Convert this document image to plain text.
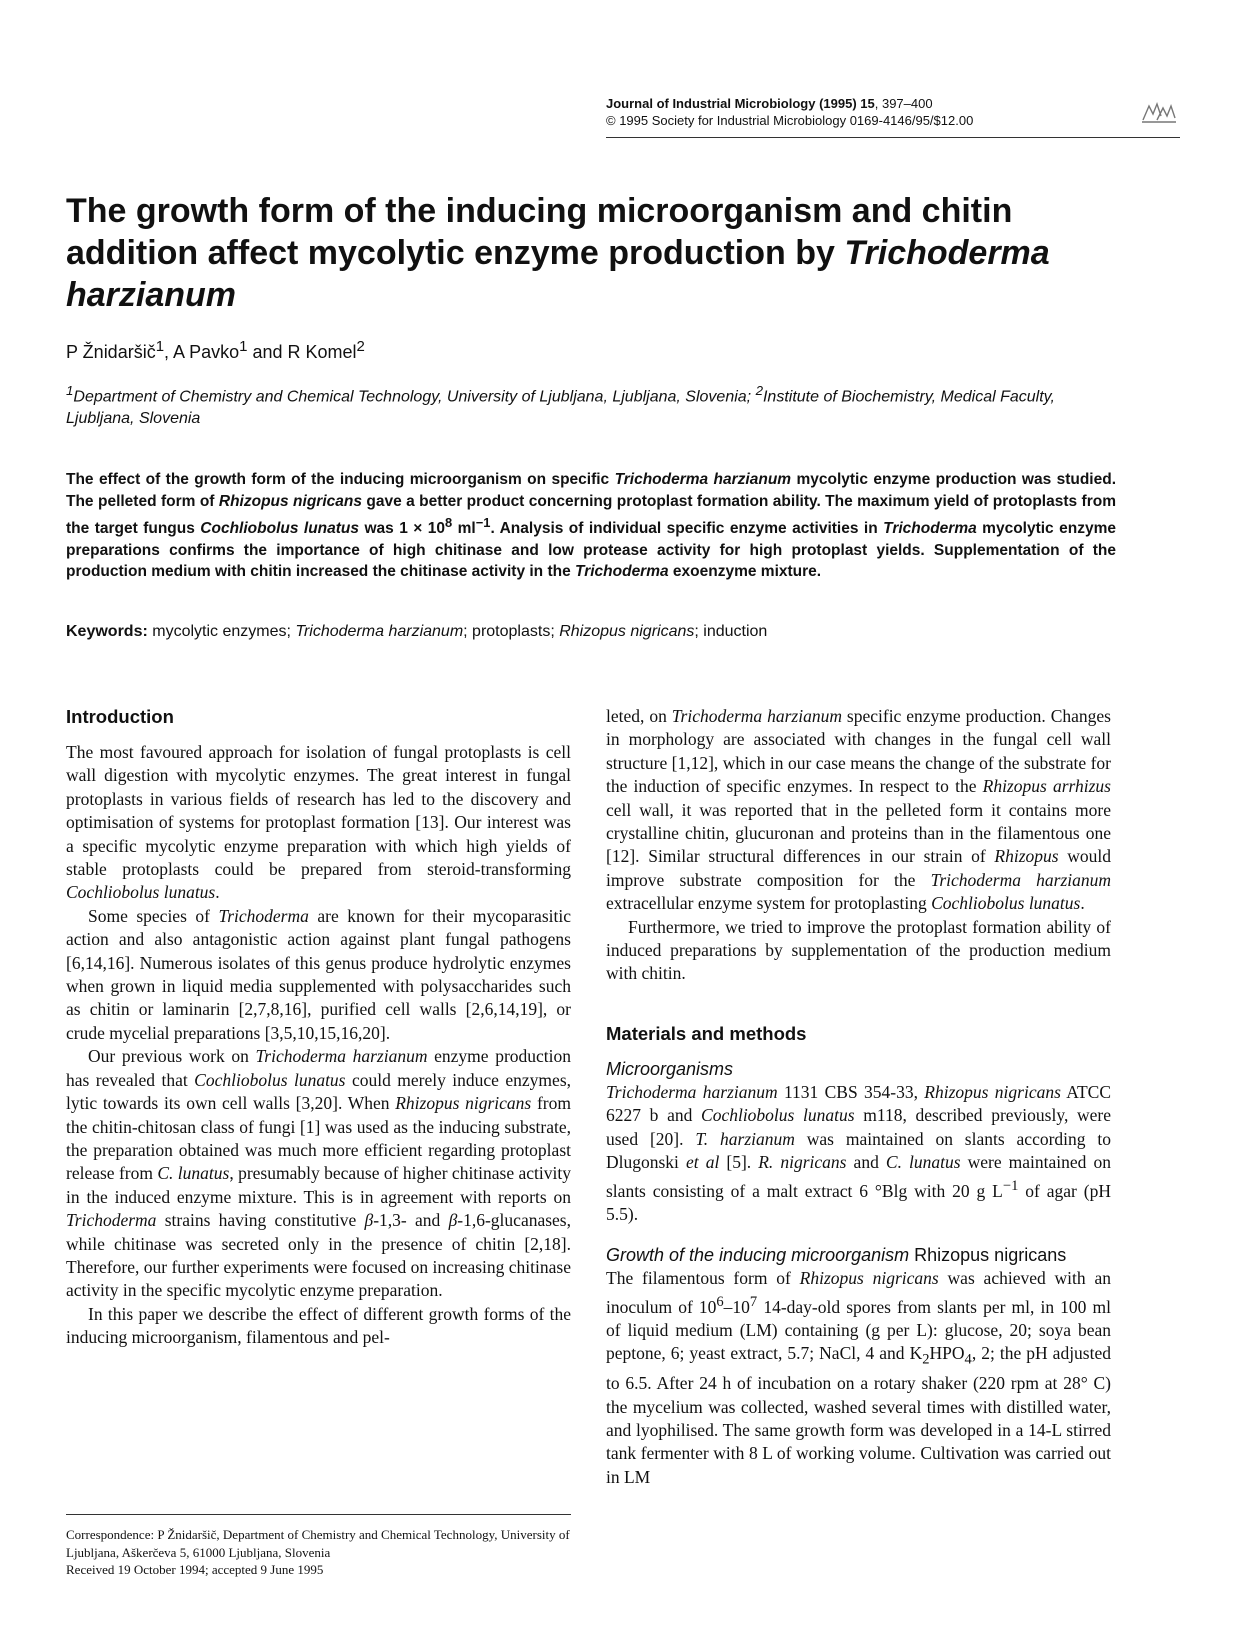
Journal of Industrial Microbiology (1995) 15, 397–400
© 1995 Society for Industrial Microbiology 0169-4146/95/$12.00
The growth form of the inducing microorganism and chitin addition affect mycolytic enzyme production by Trichoderma harzianum
P Žnidaršič$^1$, A Pavko$^1$ and R Komel$^2$
$^1$Department of Chemistry and Chemical Technology, University of Ljubljana, Ljubljana, Slovenia; $^2$Institute of Biochemistry, Medical Faculty, Ljubljana, Slovenia
The effect of the growth form of the inducing microorganism on specific Trichoderma harzianum mycolytic enzyme production was studied. The pelleted form of Rhizopus nigricans gave a better product concerning protoplast formation ability. The maximum yield of protoplasts from the target fungus Cochliobolus lunatus was $1 \times 10^8$ $ml^{-1}$. Analysis of individual specific enzyme activities in Trichoderma mycolytic enzyme preparations confirms the importance of high chitinase and low protease activity for high protoplast yields. Supplementation of the production medium with chitin increased the chitinase activity in the Trichoderma exoenzyme mixture.
Keywords: mycolytic enzymes; Trichoderma harzianum; protoplasts; Rhizopus nigricans; induction
Introduction

The most favoured approach for isolation of fungal protoplasts is cell wall digestion with mycolytic enzymes. The great interest in fungal protoplasts in various fields of research has led to the discovery and optimisation of systems for protoplast formation [13]. Our interest was a specific mycolytic enzyme preparation with which high yields of stable protoplasts could be prepared from steroid-transforming Cochliobolus lunatus.

Some species of Trichoderma are known for their mycoparasitic action and also antagonistic action against plant fungal pathogens [6,14,16]. Numerous isolates of this genus produce hydrolytic enzymes when grown in liquid media supplemented with polysaccharides such as chitin or laminarin [2,7,8,16], purified cell walls [2,6,14,19], or crude mycelial preparations [3,5,10,15,16,20].

Our previous work on Trichoderma harzianum enzyme production has revealed that Cochliobolus lunatus could merely induce enzymes, lytic towards its own cell walls [3,20]. When Rhizopus nigricans from the chitin-chitosan class of fungi [1] was used as the inducing substrate, the preparation obtained was much more efficient regarding protoplast release from C. lunatus, presumably because of higher chitinase activity in the induced enzyme mixture. This is in agreement with reports on Trichoderma strains having constitutive β-1,3- and β-1,6-glucanases, while chitinase was secreted only in the presence of chitin [2,18]. Therefore, our further experiments were focused on increasing chitinase activity in the specific mycolytic enzyme preparation.

In this paper we describe the effect of different growth forms of the inducing microorganism, filamentous and pel-

leted, on Trichoderma harzianum specific enzyme production. Changes in morphology are associated with changes in the fungal cell wall structure [1,12], which in our case means the change of the substrate for the induction of specific enzymes. In respect to the Rhizopus arrhizus cell wall, it was reported that in the pelleted form it contains more crystalline chitin, glucuronan and proteins than in the filamentous one [12]. Similar structural differences in our strain of Rhizopus would improve substrate composition for the Trichoderma harzianum extracellular enzyme system for protoplasting Cochliobolus lunatus.

Furthermore, we tried to improve the protoplast formation ability of induced preparations by supplementation of the production medium with chitin.

Materials and methods
Microorganisms

Trichoderma harzianum 1131 CBS 354-33, Rhizopus nigricans ATCC 6227 b and Cochliobolus lunatus m118, described previously, were used [20]. T. harzianum was maintained on slants according to Dlugonski et al [5]. R. nigricans and C. lunatus were maintained on slants consisting of a malt extract 6 °Blg with 20 g $L^{-1}$ of agar (pH 5.5).

Growth of the inducing microorganism Rhizopus nigricans

The filamentous form of Rhizopus nigricans was achieved with an inoculum of $10^6-10^7$ 14-day-old spores from slants per ml, in 100 ml of liquid medium (LM) containing (g per L): glucose, 20; soya bean peptone, 6; yeast extract, 5.7; NaCl, 4 and $K_2HPO_4$, 2; the pH adjusted to 6.5. After 24 h of incubation on a rotary shaker (220 rpm at 28° C) the mycelium was collected, washed several times with distilled water, and lyophilised. The same growth form was developed in a 14-L stirred tank fermenter with 8 L of working volume. Cultivation was carried out in LM

Correspondence: P Žnidaršič, Department of Chemistry and Chemical Technology, University of Ljubljana, Aškerčeva 5, 61000 Ljubljana, Slovenia

Received 19 October 1994; accepted 9 June 1995
